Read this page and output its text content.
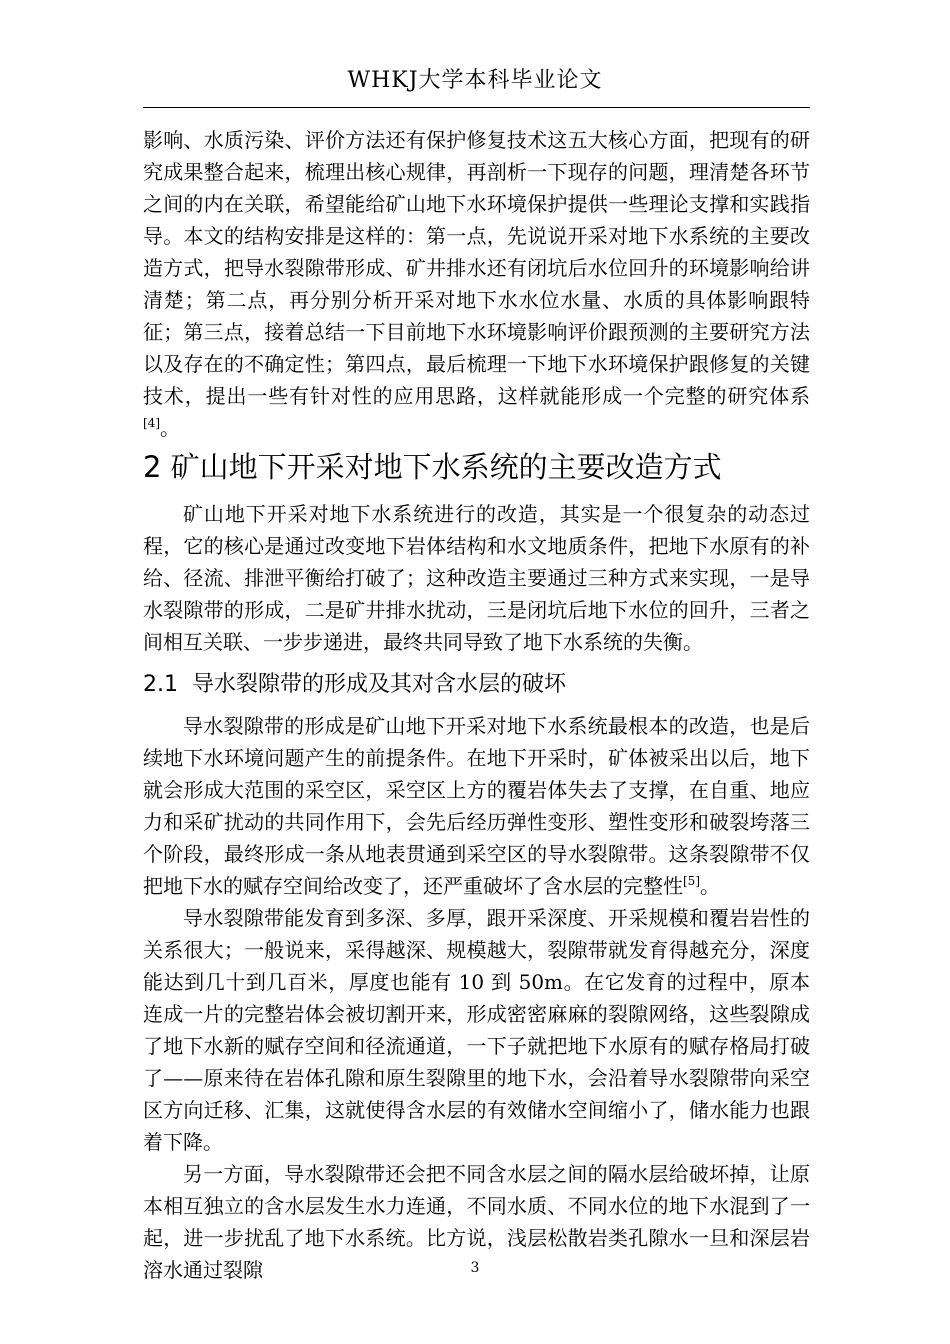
WHKJ大学本科毕业论文

影响、水质污染、评价方法还有保护修复技术这五大核心方面，把现有的研究成果整合起来，梳理出核心规律，再剖析一下现存的问题，理清楚各环节之间的内在关联，希望能给矿山地下水环境保护提供一些理论支撑和实践指导。本文的结构安排是这样的：第一点，先说说开采对地下水系统的主要改造方式，把导水裂隙带形成、矿井排水还有闭坑后水位回升的环境影响给讲清楚；第二点，再分别分析开采对地下水水位水量、水质的具体影响跟特征；第三点，接着总结一下目前地下水环境影响评价跟预测的主要研究方法以及存在的不确定性；第四点，最后梳理一下地下水环境保护跟修复的关键技术，提出一些有针对性的应用思路，这样就能形成一个完整的研究体系[4]。

2 矿山地下开采对地下水系统的主要改造方式

矿山地下开采对地下水系统进行的改造，其实是一个很复杂的动态过程，它的核心是通过改变地下岩体结构和水文地质条件，把地下水原有的补给、径流、排泄平衡给打破了；这种改造主要通过三种方式来实现，一是导水裂隙带的形成，二是矿井排水扰动，三是闭坑后地下水位的回升，三者之间相互关联、一步步递进，最终共同导致了地下水系统的失衡。

2.1 导水裂隙带的形成及其对含水层的破坏

导水裂隙带的形成是矿山地下开采对地下水系统最根本的改造，也是后续地下水环境问题产生的前提条件。在地下开采时，矿体被采出以后，地下就会形成大范围的采空区，采空区上方的覆岩体失去了支撑，在自重、地应力和采矿扰动的共同作用下，会先后经历弹性变形、塑性变形和破裂垮落三个阶段，最终形成一条从地表贯通到采空区的导水裂隙带。这条裂隙带不仅把地下水的赋存空间给改变了，还严重破坏了含水层的完整性[5]。

导水裂隙带能发育到多深、多厚，跟开采深度、开采规模和覆岩岩性的关系很大；一般说来，采得越深、规模越大，裂隙带就发育得越充分，深度能达到几十到几百米，厚度也能有 10 到 50m。在它发育的过程中，原本连成一片的完整岩体会被切割开来，形成密密麻麻的裂隙网络，这些裂隙成了地下水新的赋存空间和径流通道，一下子就把地下水原有的赋存格局打破了——原来待在岩体孔隙和原生裂隙里的地下水，会沿着导水裂隙带向采空区方向迁移、汇集，这就使得含水层的有效储水空间缩小了，储水能力也跟着下降。

另一方面，导水裂隙带还会把不同含水层之间的隔水层给破坏掉，让原本相互独立的含水层发生水力连通，不同水质、不同水位的地下水混到了一起，进一步扰乱了地下水系统。比方说，浅层松散岩类孔隙水一旦和深层岩溶水通过裂隙	3
